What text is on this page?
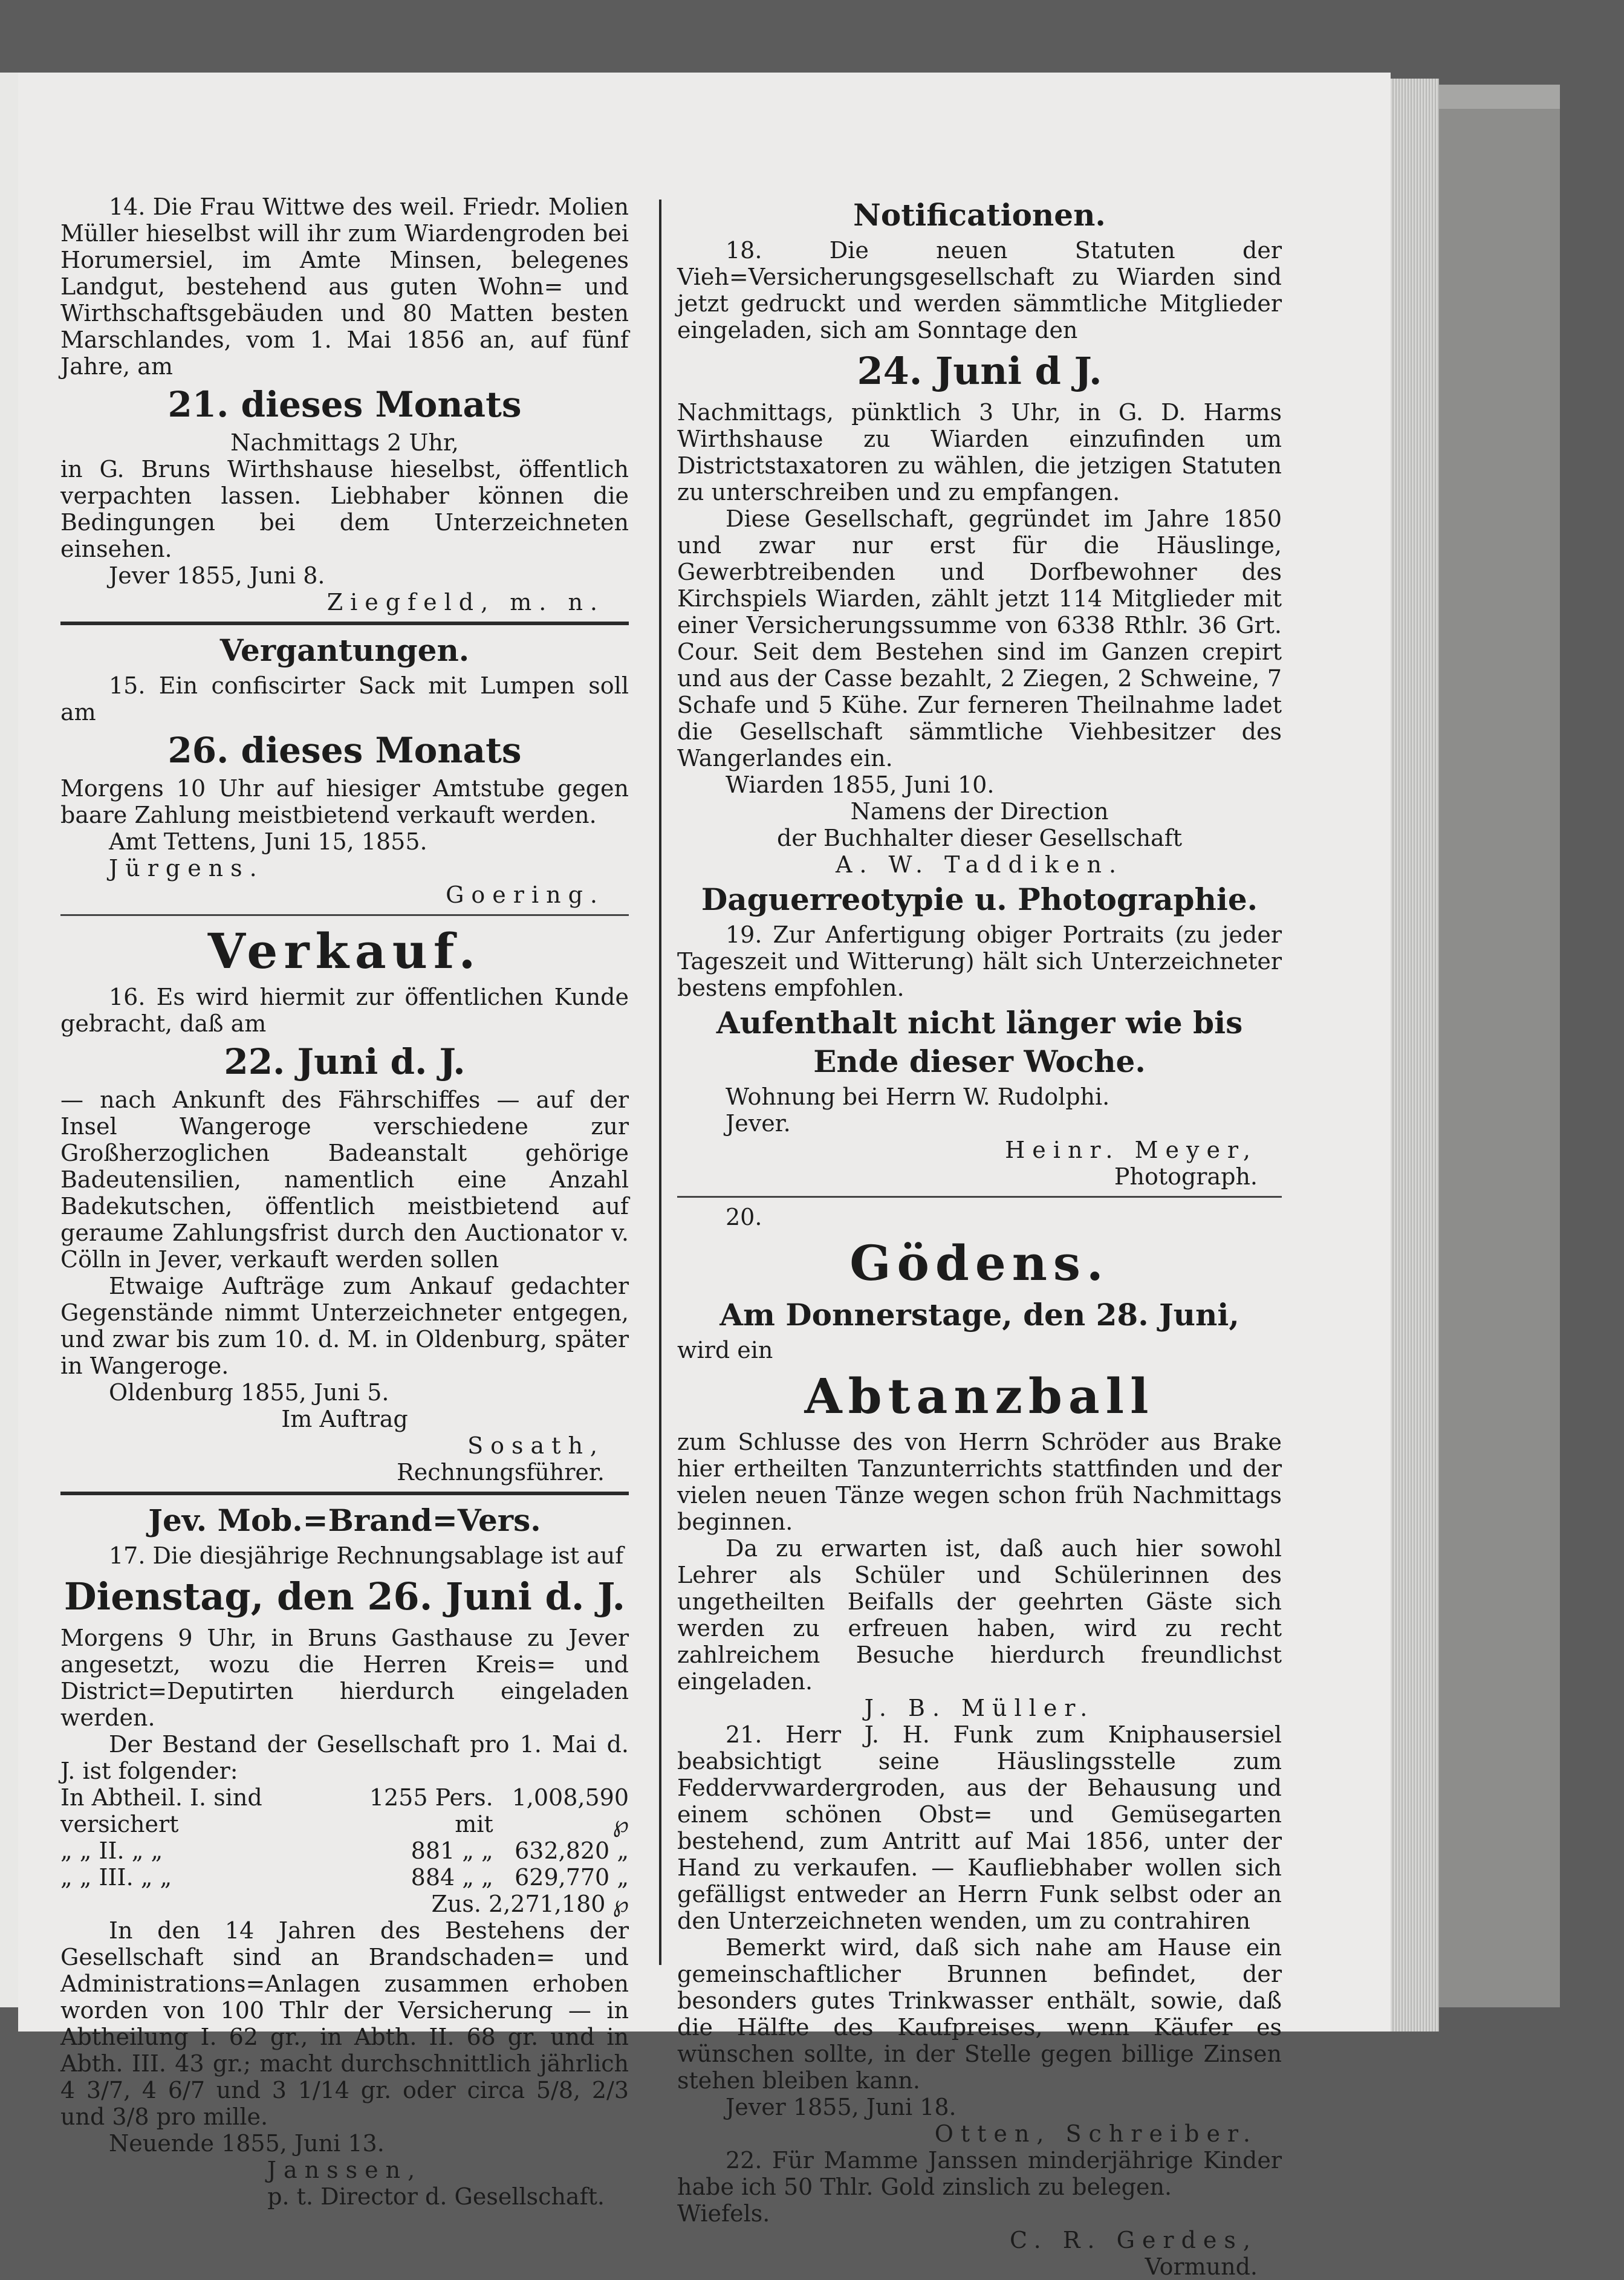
14. Die Frau Wittwe des weil. Friedr. Molien Müller hieselbst will ihr zum Wiardengroden bei Horumersiel, im Amte Minsen, belegenes Landgut, bestehend aus guten Wohn= und Wirthschaftsgebäuden und 80 Matten besten Marschlandes, vom 1. Mai 1856 an, auf fünf Jahre, am

21. dieses Monats

Nachmittags 2 Uhr,

in G. Bruns Wirthshause hieselbst, öffentlich verpachten lassen. Liebhaber können die Bedingungen bei dem Unterzeichneten einsehen.

Jever 1855, Juni 8.

Ziegfeld, m. n.

Vergantungen.

15. Ein confiscirter Sack mit Lumpen soll am

26. dieses Monats

Morgens 10 Uhr auf hiesiger Amtstube gegen baare Zahlung meistbietend verkauft werden.

Amt Tettens, Juni 15, 1855.

Jürgens.

Goering.

Verkauf.

16. Es wird hiermit zur öffentlichen Kunde gebracht, daß am

22. Juni d. J.

— nach Ankunft des Fährschiffes — auf der Insel Wangeroge verschiedene zur Großherzoglichen Badeanstalt gehörige Badeutensilien, namentlich eine Anzahl Badekutschen, öffentlich meistbietend auf geraume Zahlungsfrist durch den Auctionator v. Cölln in Jever, verkauft werden sollen

Etwaige Aufträge zum Ankauf gedachter Gegenstände nimmt Unterzeichneter entgegen, und zwar bis zum 10. d. M. in Oldenburg, später in Wangeroge.

Oldenburg 1855, Juni 5.

Im Auftrag

Sosath,

Rechnungsführer.

Jev. Mob.=Brand=Vers.

17. Die diesjährige Rechnungsablage ist auf

Dienstag, den 26. Juni d. J.

Morgens 9 Uhr, in Bruns Gasthause zu Jever angesetzt, wozu die Herren Kreis= und District=Deputirten hierdurch eingeladen werden.

Der Bestand der Gesellschaft pro 1. Mai d. J. ist folgender:

In Abtheil. I. sind versichert	1255 Pers. mit	1,008,590 ℘
„ „ II. „ „	881 „ „	632,820 „
„ „ III. „ „	884 „ „	629,770 „

Zus. 2,271,180 ℘

In den 14 Jahren des Bestehens der Gesellschaft sind an Brandschaden= und Administrations=Anlagen zusammen erhoben worden von 100 Thlr der Versicherung — in Abtheilung I. 62 gr., in Abth. II. 68 gr. und in Abth. III. 43 gr.; macht durchschnittlich jährlich 4 3/7, 4 6/7 und 3 1/14 gr. oder circa 5/8, 2/3 und 3/8 pro mille.

Neuende 1855, Juni 13.

Janssen,

p. t. Director d. Gesellschaft.

Notificationen.

18. Die neuen Statuten der Vieh=Versicherungsgesellschaft zu Wiarden sind jetzt gedruckt und werden sämmtliche Mitglieder eingeladen, sich am Sonntage den

24. Juni d J.

Nachmittags, pünktlich 3 Uhr, in G. D. Harms Wirthshause zu Wiarden einzufinden um Districtstaxatoren zu wählen, die jetzigen Statuten zu unterschreiben und zu empfangen.

Diese Gesellschaft, gegründet im Jahre 1850 und zwar nur erst für die Häuslinge, Gewerbtreibenden und Dorfbewohner des Kirchspiels Wiarden, zählt jetzt 114 Mitglieder mit einer Versicherungssumme von 6338 Rthlr. 36 Grt. Cour. Seit dem Bestehen sind im Ganzen crepirt und aus der Casse bezahlt, 2 Ziegen, 2 Schweine, 7 Schafe und 5 Kühe. Zur ferneren Theilnahme ladet die Gesellschaft sämmtliche Viehbesitzer des Wangerlandes ein.

Wiarden 1855, Juni 10.

Namens der Direction

der Buchhalter dieser Gesellschaft

A. W. Taddiken.

Daguerreotypie u. Photographie.

19. Zur Anfertigung obiger Portraits (zu jeder Tageszeit und Witterung) hält sich Unterzeichneter bestens empfohlen.

Aufenthalt nicht länger wie bis Ende dieser Woche.

Wohnung bei Herrn W. Rudolphi.

Jever.

Heinr. Meyer,

Photograph.

20.

Gödens.

Am Donnerstage, den 28. Juni,

wird ein

Abtanzball

zum Schlusse des von Herrn Schröder aus Brake hier ertheilten Tanzunterrichts stattfinden und der vielen neuen Tänze wegen schon früh Nachmittags beginnen.

Da zu erwarten ist, daß auch hier sowohl Lehrer als Schüler und Schülerinnen des ungetheilten Beifalls der geehrten Gäste sich werden zu erfreuen haben, wird zu recht zahlreichem Besuche hierdurch freundlichst eingeladen.

J. B. Müller.

21. Herr J. H. Funk zum Kniphausersiel beabsichtigt seine Häuslingsstelle zum Feddervwardergroden, aus der Behausung und einem schönen Obst= und Gemüsegarten bestehend, zum Antritt auf Mai 1856, unter der Hand zu verkaufen. — Kaufliebhaber wollen sich gefälligst entweder an Herrn Funk selbst oder an den Unterzeichneten wenden, um zu contrahiren

Bemerkt wird, daß sich nahe am Hause ein gemeinschaftlicher Brunnen befindet, der besonders gutes Trinkwasser enthält, sowie, daß die Hälfte des Kaufpreises, wenn Käufer es wünschen sollte, in der Stelle gegen billige Zinsen stehen bleiben kann.

Jever 1855, Juni 18.

Otten, Schreiber.

22. Für Mamme Janssen minderjährige Kinder habe ich 50 Thlr. Gold zinslich zu belegen.

Wiefels.

C. R. Gerdes,

Vormund.
